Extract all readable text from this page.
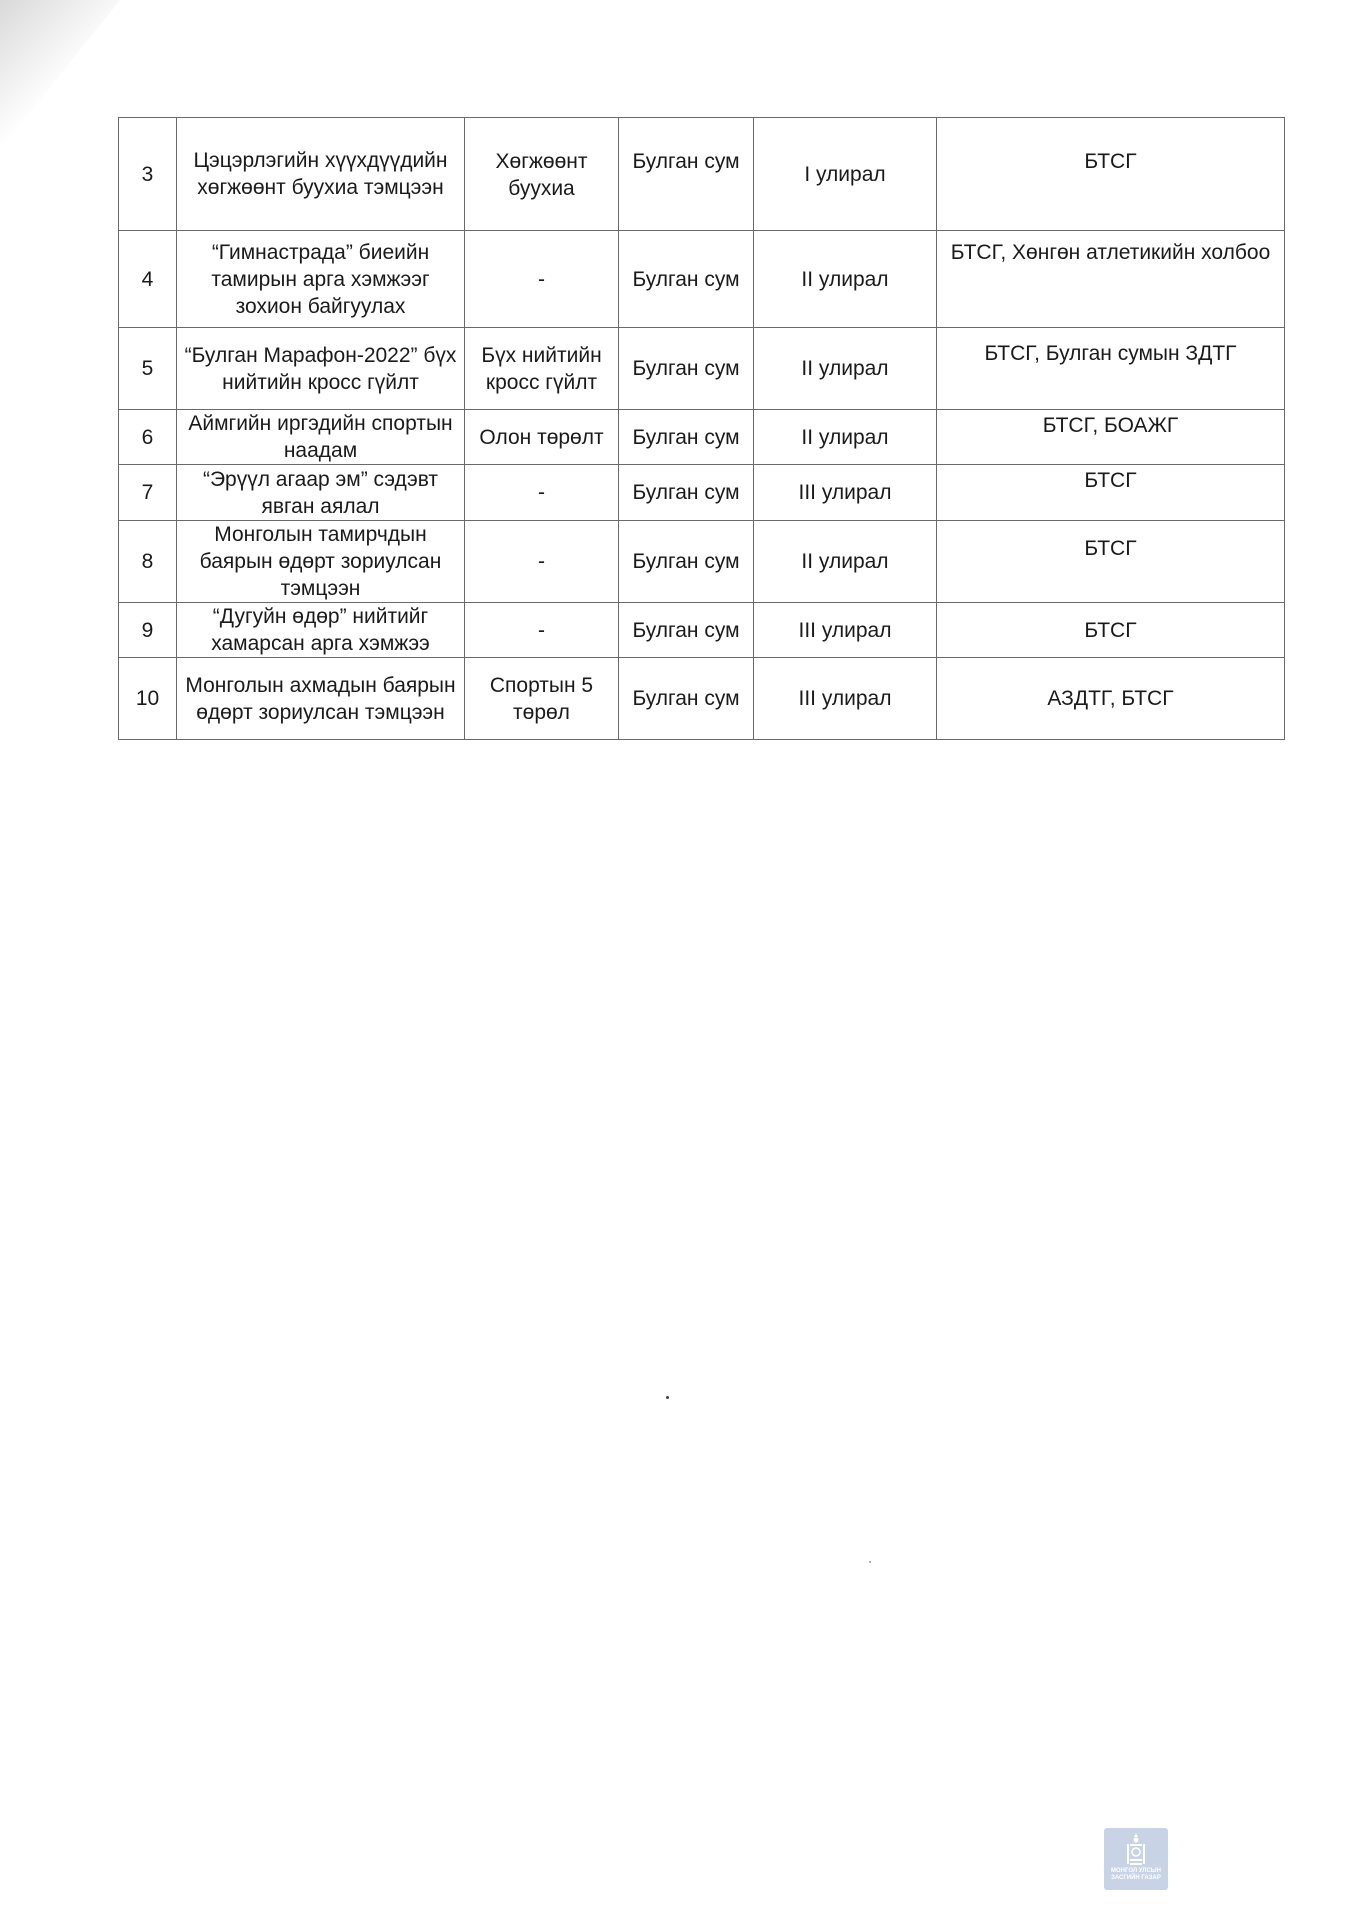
3	Цэцэрлэгийн хүүхдүүдийн хөгжөөнт буухиа тэмцээн	Хөгжөөнт буухиа	Булган сум	I улирал	БТСГ
4	“Гимнастрада” биеийн тамирын арга хэмжээг зохион байгуулах	-	Булган сум	II улирал	БТСГ, Хөнгөн атлетикийн холбоо
5	“Булган Марафон-2022” бүх нийтийн кросс гүйлт	Бүх нийтийн кросс гүйлт	Булган сум	II улирал	БТСГ, Булган сумын ЗДТГ
6	Аймгийн иргэдийн спортын наадам	Олон төрөлт	Булган сум	II улирал	БТСГ, БОАЖГ
7	“Эрүүл агаар эм” сэдэвт явган аялал	-	Булган сум	III улирал	БТСГ
8	Монголын тамирчдын баярын өдөрт зориулсан тэмцээн	-	Булган сум	II улирал	БТСГ
9	“Дугуйн өдөр” нийтийг хамарсан арга хэмжээ	-	Булган сум	III улирал	БТСГ
10	Монголын ахмадын баярын өдөрт зориулсан тэмцээн	Спортын 5 төрөл	Булган сум	III улирал	АЗДТГ, БТСГ
МОНГОЛ УЛСЫН ЗАСГИЙН ГАЗАР
